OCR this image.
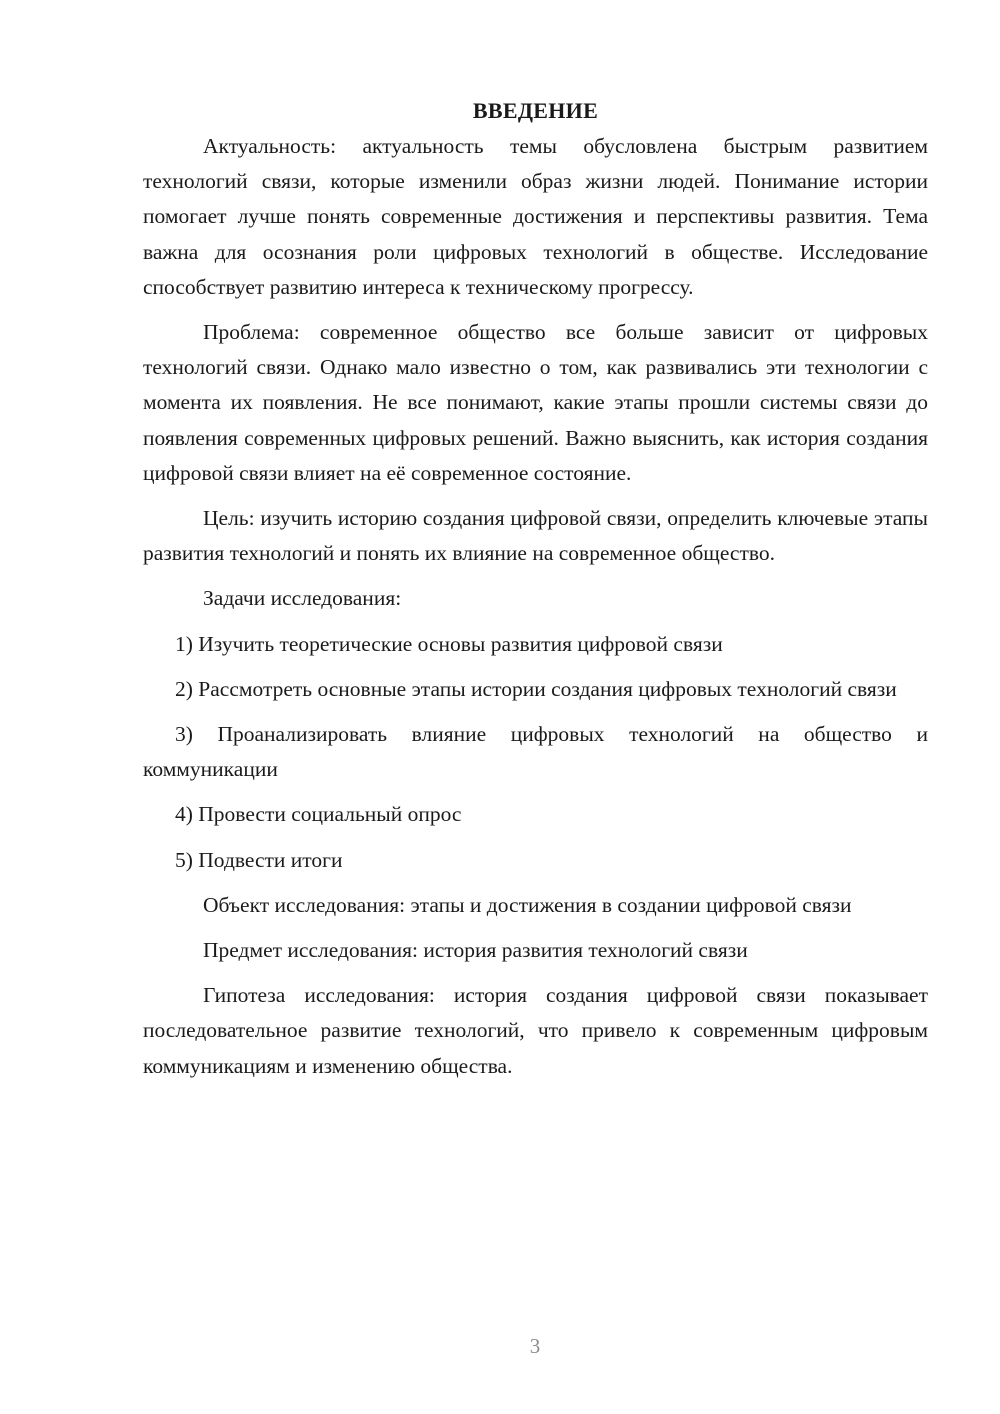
ВВЕДЕНИЕ

Актуальность: актуальность темы обусловлена быстрым развитием технологий связи, которые изменили образ жизни людей. Понимание истории помогает лучше понять современные достижения и перспективы развития. Тема важна для осознания роли цифровых технологий в обществе. Исследование способствует развитию интереса к техническому прогрессу.

Проблема: современное общество все больше зависит от цифровых технологий связи. Однако мало известно о том, как развивались эти технологии с момента их появления. Не все понимают, какие этапы прошли системы связи до появления современных цифровых решений. Важно выяснить, как история создания цифровой связи влияет на её современное состояние.

Цель: изучить историю создания цифровой связи, определить ключевые этапы развития технологий и понять их влияние на современное общество.

Задачи исследования:

1) Изучить теоретические основы развития цифровой связи

2) Рассмотреть основные этапы истории создания цифровых технологий связи

3) Проанализировать влияние цифровых технологий на общество и коммуникации

4) Провести социальный опрос

5) Подвести итоги

Объект исследования: этапы и достижения в создании цифровой связи

Предмет исследования: история развития технологий связи

Гипотеза исследования: история создания цифровой связи показывает последовательное развитие технологий, что привело к современным цифровым коммуникациям и изменению общества.

3
